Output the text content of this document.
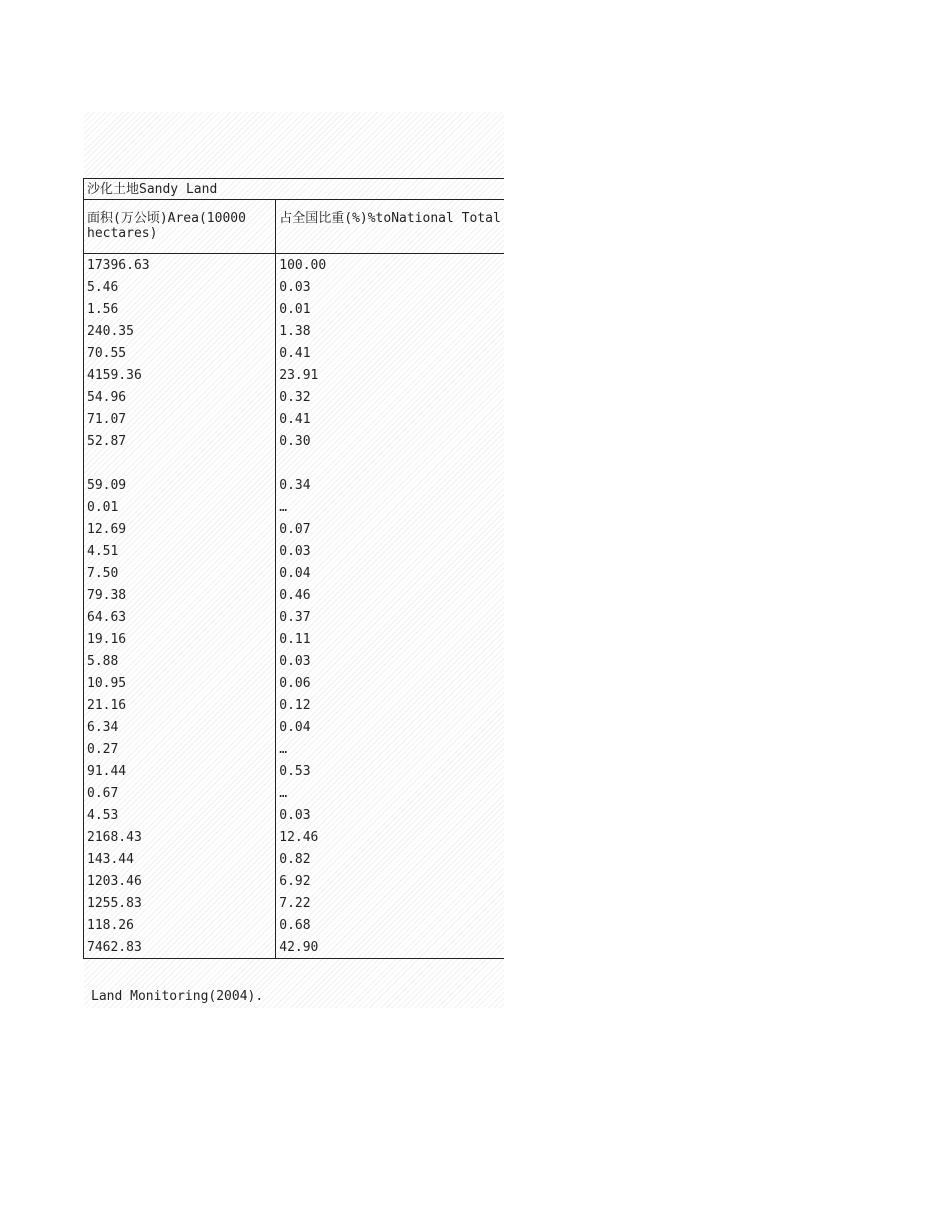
沙化土地Sandy Land	
面积(万公顷)Area(10000 hectares)	占全国比重(%)%toNational Total
17396.63	100.00
5.46	0.03
1.56	0.01
240.35	1.38
70.55	0.41
4159.36	23.91
54.96	0.32
71.07	0.41
52.87	0.30

59.09	0.34
0.01	…
12.69	0.07
4.51	0.03
7.50	0.04
79.38	0.46
64.63	0.37
19.16	0.11
5.88	0.03
10.95	0.06
21.16	0.12
6.34	0.04
0.27	…
91.44	0.53
0.67	…
4.53	0.03
2168.43	12.46
143.44	0.82
1203.46	6.92
1255.83	7.22
118.26	0.68
7462.83	42.90
Land Monitoring(2004).
